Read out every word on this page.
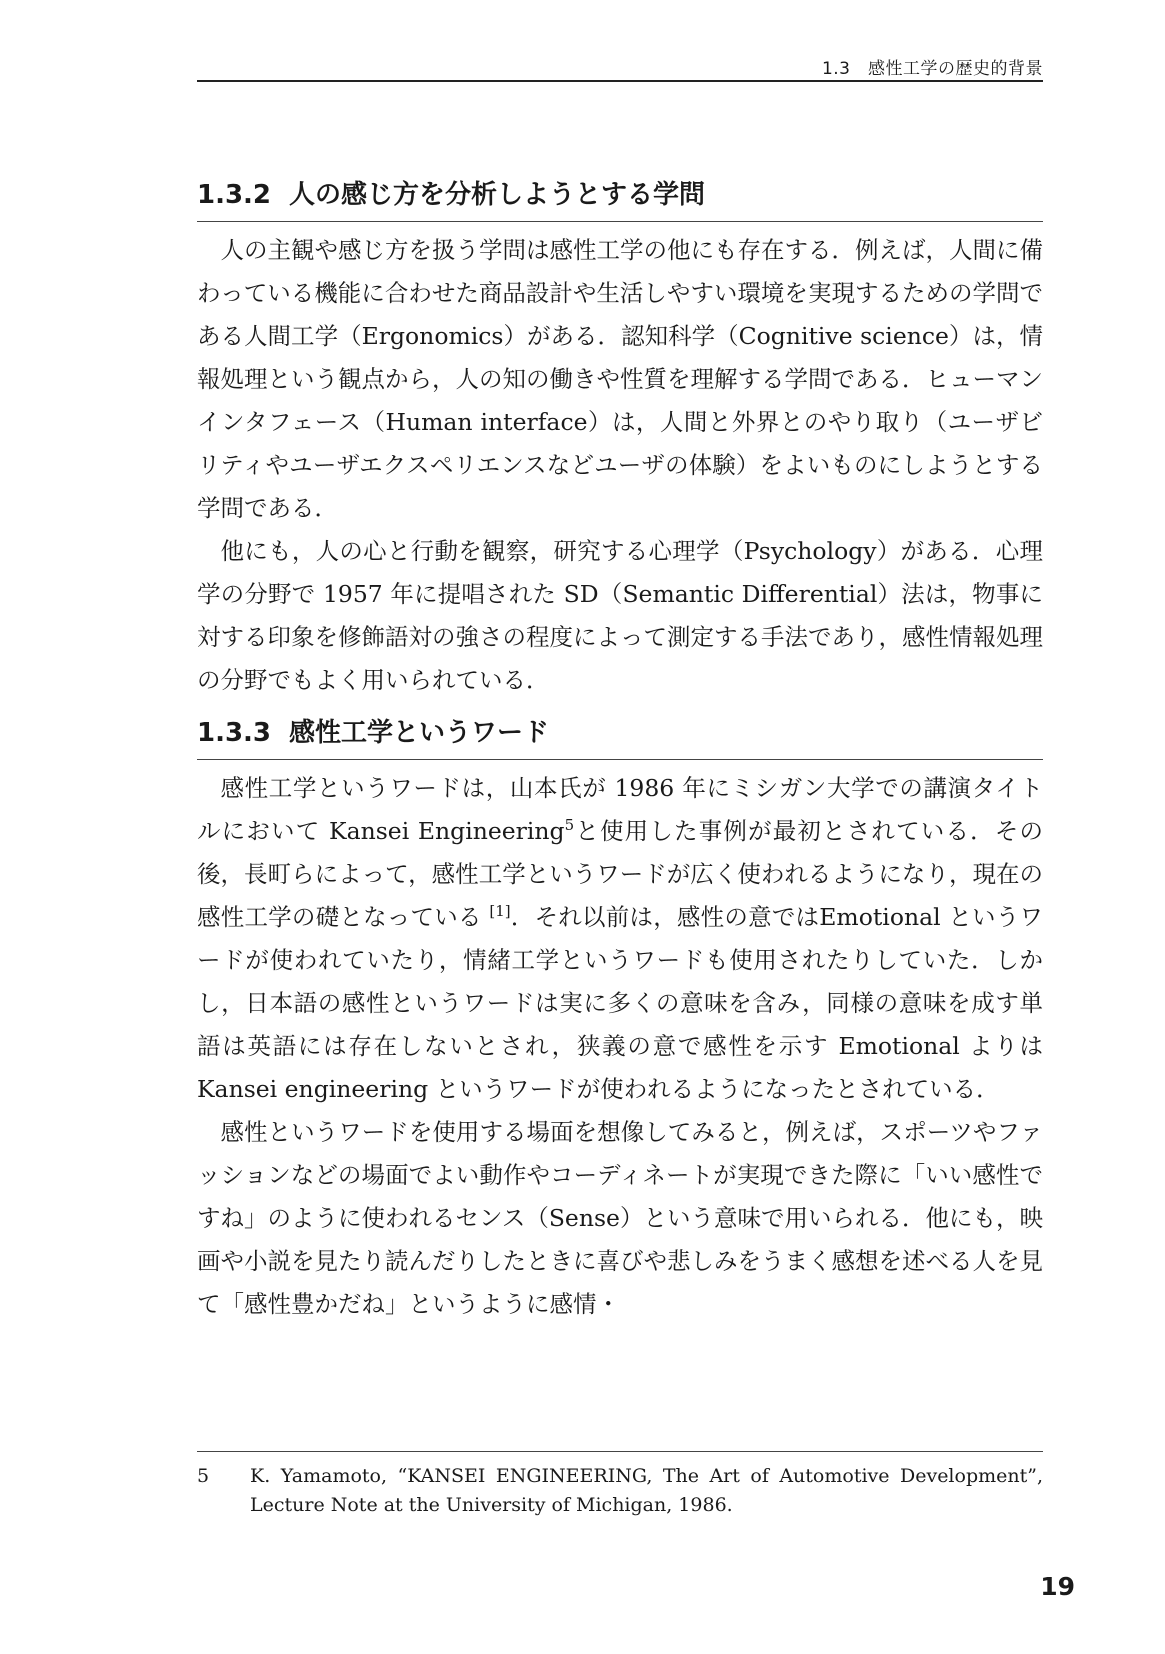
1.3　感性工学の歴史的背景
1.3.2 人の感じ方を分析しようとする学問

人の主観や感じ方を扱う学問は感性工学の他にも存在する．例えば，人間に備わっている機能に合わせた商品設計や生活しやすい環境を実現するための学問である人間工学（Ergonomics）がある．認知科学（Cognitive science）は，情報処理という観点から，人の知の働きや性質を理解する学問である．ヒューマンインタフェース（Human interface）は，人間と外界とのやり取り（ユーザビリティやユーザエクスペリエンスなどユーザの体験）をよいものにしようとする学問である．

他にも，人の心と行動を観察，研究する心理学（Psychology）がある．心理学の分野で 1957 年に提唱された SD（Semantic Differential）法は，物事に対する印象を修飾語対の強さの程度によって測定する手法であり，感性情報処理の分野でもよく用いられている．

1.3.3 感性工学というワード

感性工学というワードは，山本氏が 1986 年にミシガン大学での講演タイトルにおいて Kansei Engineering$^5$と使用した事例が最初とされている．その後，長町らによって，感性工学というワードが広く使われるようになり，現在の感性工学の礎となっている [1]．それ以前は，感性の意ではEmotional というワードが使われていたり，情緒工学というワードも使用されたりしていた．しかし，日本語の感性というワードは実に多くの意味を含み，同様の意味を成す単語は英語には存在しないとされ，狭義の意で感性を示す Emotional よりは Kansei engineering というワードが使われるようになったとされている．

感性というワードを使用する場面を想像してみると，例えば，スポーツやファッションなどの場面でよい動作やコーディネートが実現できた際に「いい感性ですね」のように使われるセンス（Sense）という意味で用いられる．他にも，映画や小説を見たり読んだりしたときに喜びや悲しみをうまく感想を述べる人を見て「感性豊かだね」というように感情・

5	K. Yamamoto, “KANSEI ENGINEERING, The Art of Automotive Development”, Lecture Note at the University of Michigan, 1986.
19
